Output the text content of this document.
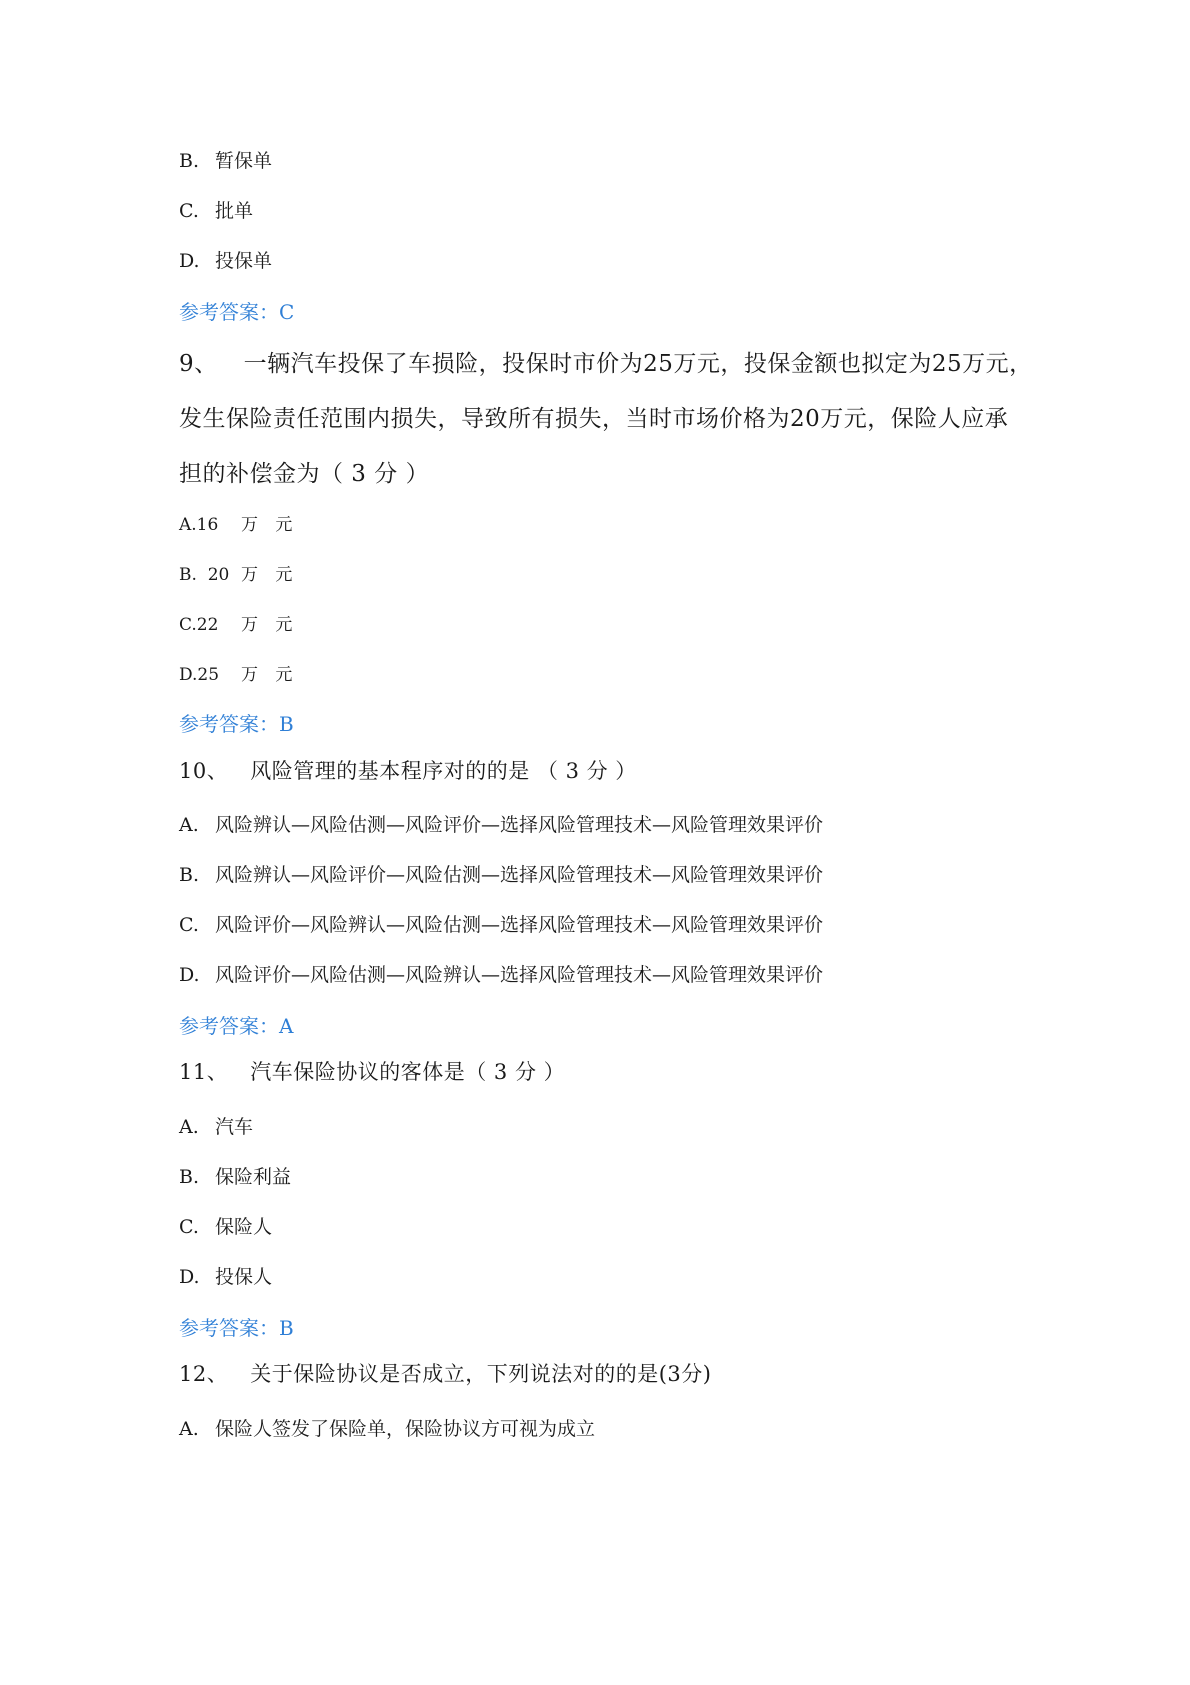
B. 暂保单
C. 批单
D. 投保单
参考答案：C
9、 一辆汽车投保了车损险，投保时市价为25万元，投保金额也拟定为25万元，
发生保险责任范围内损失，导致所有损失，当时市场价格为20万元，保险人应承
担的补偿金为（ 3 分 ）
A.16 万 元
B.  20 万 元
C.22 万 元
D.25 万 元
参考答案：B
10、 风险管理的基本程序对的的是 （ 3 分 ）
A. 风险辨认—风险估测—风险评价—选择风险管理技术—风险管理效果评价
B. 风险辨认—风险评价—风险估测—选择风险管理技术—风险管理效果评价
C. 风险评价—风险辨认—风险估测—选择风险管理技术—风险管理效果评价
D. 风险评价—风险估测—风险辨认—选择风险管理技术—风险管理效果评价
参考答案：A
11、 汽车保险协议的客体是（ 3 分 ）
A. 汽车
B. 保险利益
C. 保险人
D. 投保人
参考答案：B
12、 关于保险协议是否成立，下列说法对的的是(3分)
A. 保险人签发了保险单，保险协议方可视为成立
